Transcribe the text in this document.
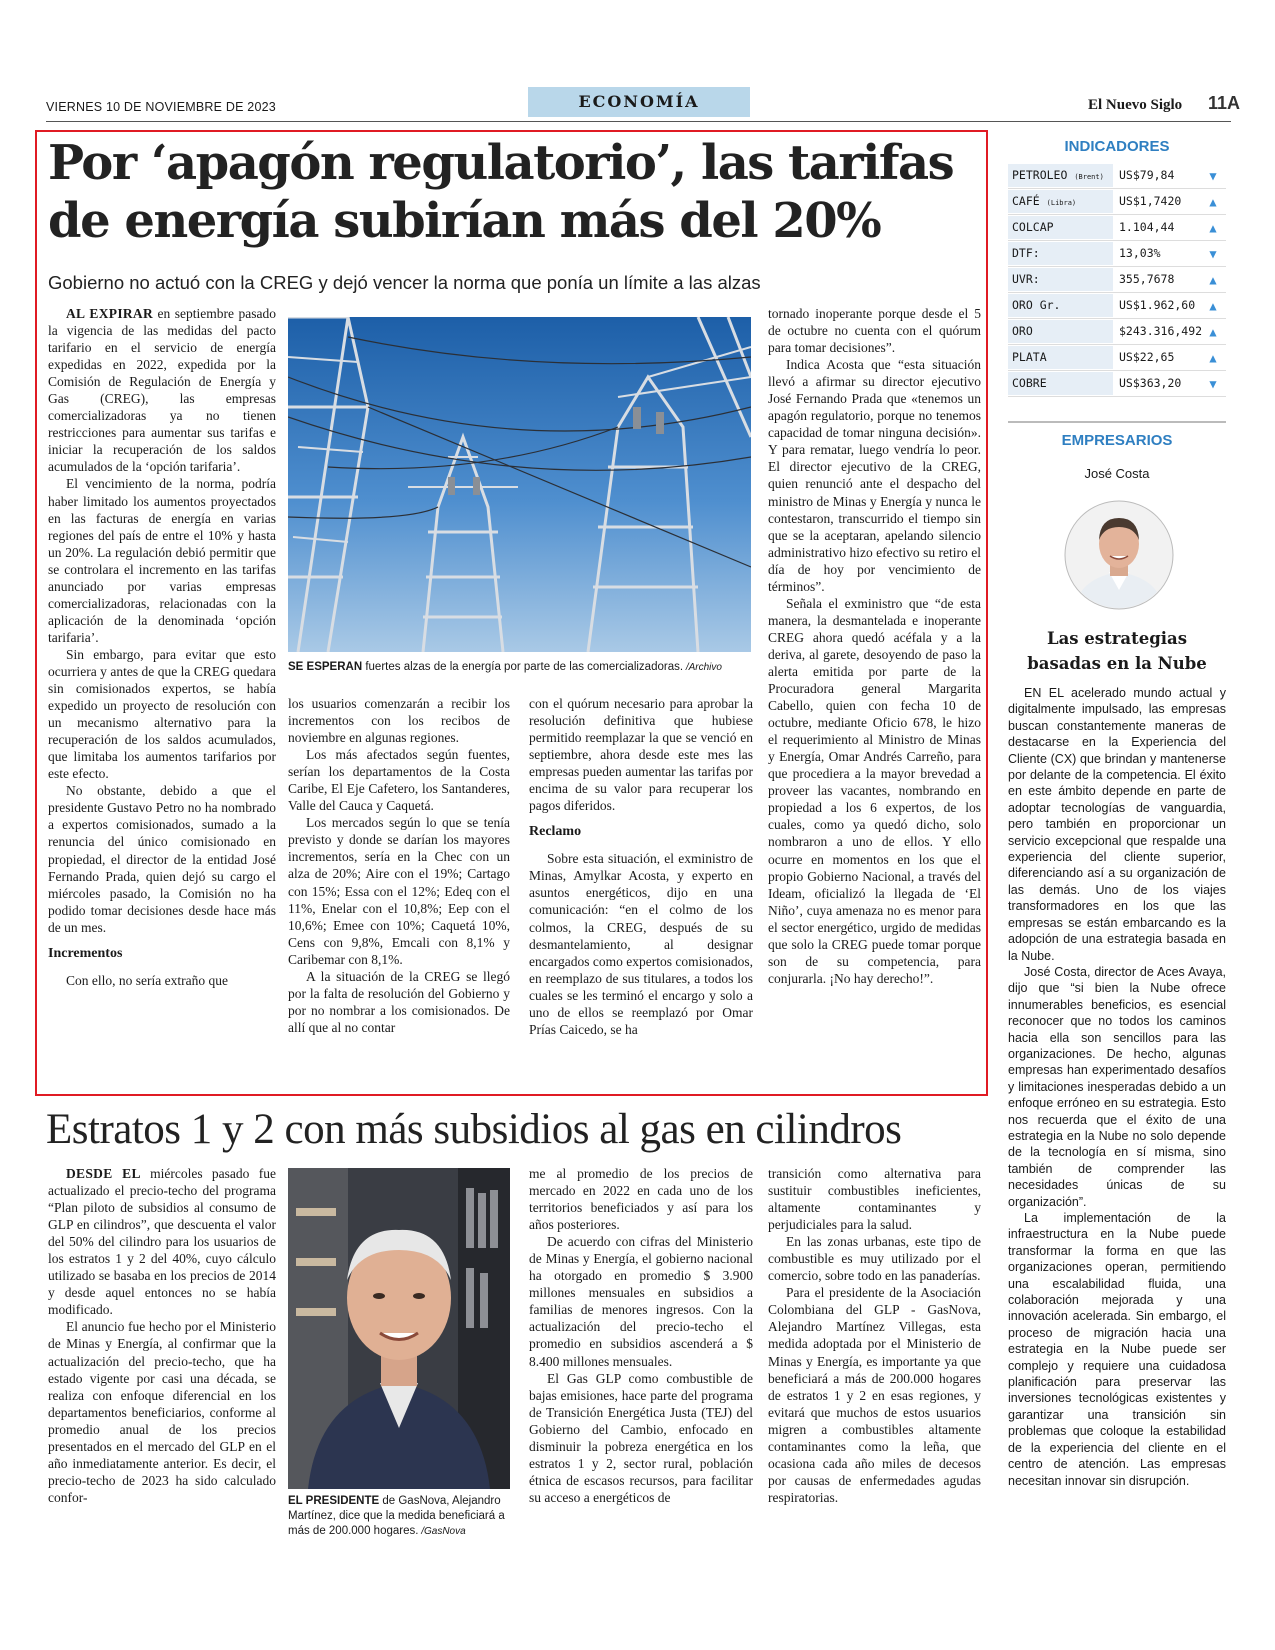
VIERNES 10 DE NOVIEMBRE DE 2023	ECONOMÍA	El Nuevo Siglo 11A
Por ‘apagón regulatorio’, las tarifas
de energía subirían más del 20%
Gobierno no actuó con la CREG y dejó vencer la norma que ponía un límite a las alzas

AL EXPIRAR en septiembre pasado la vigencia de las medidas del pacto tarifario en el servicio de energía expedidas en 2022, expedida por la Comisión de Regulación de Energía y Gas (CREG), las empresas comercializadoras ya no tienen restricciones para aumentar sus tarifas e iniciar la recuperación de los saldos acumulados de la ‘opción tarifaria’.

El vencimiento de la norma, podría haber limitado los aumentos proyectados en las facturas de energía en varias regiones del país de entre el 10% y hasta un 20%. La regulación debió permitir que se controlara el incremento en las tarifas anunciado por varias empresas comercializadoras, relacionadas con la aplicación de la denominada ‘opción tarifaria’.

Sin embargo, para evitar que esto ocurriera y antes de que la CREG quedara sin comisionados expertos, se había expedido un proyecto de resolución con un mecanismo alternativo para la recuperación de los saldos acumulados, que limitaba los aumentos tarifarios por este efecto.

No obstante, debido a que el presidente Gustavo Petro no ha nombrado a expertos comisionados, sumado a la renuncia del único comisionado en propiedad, el director de la entidad José Fernando Prada, quien dejó su cargo el miércoles pasado, la Comisión no ha podido tomar decisiones desde hace más de un mes.

Incrementos

Con ello, no sería extraño que

SE ESPERAN fuertes alzas de la energía por parte de las comercializadoras. /Archivo

los usuarios comenzarán a recibir los incrementos con los recibos de noviembre en algunas regiones.

Los más afectados según fuentes, serían los departamentos de la Costa Caribe, El Eje Cafetero, los Santanderes, Valle del Cauca y Caquetá.

Los mercados según lo que se tenía previsto y donde se darían los mayores incrementos, sería en la Chec con un alza de 20%; Aire con el 19%; Cartago con 15%; Essa con el 12%; Edeq con el 11%, Enelar con el 10,8%; Eep con el 10,6%; Emee con 10%; Caquetá 10%, Cens con 9,8%, Emcali con 8,1% y Caribemar con 8,1%.

A la situación de la CREG se llegó por la falta de resolución del Gobierno y por no nombrar a los comisionados. De allí que al no contar

con el quórum necesario para aprobar la resolución definitiva que hubiese permitido reemplazar la que se venció en septiembre, ahora desde este mes las empresas pueden aumentar las tarifas por encima de su valor para recuperar los pagos diferidos.

Reclamo

Sobre esta situación, el exministro de Minas, Amylkar Acosta, y experto en asuntos energéticos, dijo en una comunicación: “en el colmo de los colmos, la CREG, después de su desmantelamiento, al designar encargados como expertos comisionados, en reemplazo de sus titulares, a todos los cuales se les terminó el encargo y solo a uno de ellos se reemplazó por Omar Prías Caicedo, se ha

tornado inoperante porque desde el 5 de octubre no cuenta con el quórum para tomar decisiones”.

Indica Acosta que “esta situación llevó a afirmar su director ejecutivo José Fernando Prada que «tenemos un apagón regulatorio, porque no tenemos capacidad de tomar ninguna decisión». Y para rematar, luego vendría lo peor. El director ejecutivo de la CREG, quien renunció ante el despacho del ministro de Minas y Energía y nunca le contestaron, transcurrido el tiempo sin que se la aceptaran, apelando silencio administrativo hizo efectivo su retiro el día de hoy por vencimiento de términos”.

Señala el exministro que “de esta manera, la desmantelada e inoperante CREG ahora quedó acéfala y a la deriva, al garete, desoyendo de paso la alerta emitida por parte de la Procuradora general Margarita Cabello, quien con fecha 10 de octubre, mediante Oficio 678, le hizo el requerimiento al Ministro de Minas y Energía, Omar Andrés Carreño, para que procediera a la mayor brevedad a proveer las vacantes, nombrando en propiedad a los 6 expertos, de los cuales, como ya quedó dicho, solo nombraron a uno de ellos. Y ello ocurre en momentos en los que el propio Gobierno Nacional, a través del Ideam, oficializó la llegada de ‘El Niño’, cuya amenaza no es menor para el sector energético, urgido de medidas que solo la CREG puede tomar porque son de su competencia, para conjurarla. ¡No hay derecho!”.

Estratos 1 y 2 con más subsidios al gas en cilindros

DESDE EL miércoles pasado fue actualizado el precio-techo del programa “Plan piloto de subsidios al consumo de GLP en cilindros”, que descuenta el valor del 50% del cilindro para los usuarios de los estratos 1 y 2 del 40%, cuyo cálculo utilizado se basaba en los precios de 2014 y desde aquel entonces no se había modificado.

El anuncio fue hecho por el Ministerio de Minas y Energía, al confirmar que la actualización del precio-techo, que ha estado vigente por casi una década, se realiza con enfoque diferencial en los departamentos beneficiarios, conforme al promedio anual de los precios presentados en el mercado del GLP en el año inmediatamente anterior. Es decir, el precio-techo de 2023 ha sido calculado confor-	EL PRESIDENTE de GasNova, Alejandro Martínez, dice que la medida beneficiará a más de 200.000 hogares. /GasNova

me al promedio de los precios de mercado en 2022 en cada uno de los territorios beneficiados y así para los años posteriores.

De acuerdo con cifras del Ministerio de Minas y Energía, el gobierno nacional ha otorgado en promedio $ 3.900 millones mensuales en subsidios a familias de menores ingresos. Con la actualización del precio-techo el promedio en subsidios ascenderá a $ 8.400 millones mensuales.

El Gas GLP como combustible de bajas emisiones, hace parte del programa de Transición Energética Justa (TEJ) del Gobierno del Cambio, enfocado en disminuir la pobreza energética en los estratos 1 y 2, sector rural, población étnica de escasos recursos, para facilitar su acceso a energéticos de

transición como alternativa para sustituir combustibles ineficientes, altamente contaminantes y perjudiciales para la salud.

En las zonas urbanas, este tipo de combustible es muy utilizado por el comercio, sobre todo en las panaderías.

Para el presidente de la Asociación Colombiana del GLP - GasNova, Alejandro Martínez Villegas, esta medida adoptada por el Ministerio de Minas y Energía, es importante ya que beneficiará a más de 200.000 hogares de estratos 1 y 2 en esas regiones, y evitará que muchos de estos usuarios migren a combustibles altamente contaminantes como la leña, que ocasiona cada año miles de decesos por causas de enfermedades agudas respiratorias.

INDICADORES
PETROLEO (Brent)	US$79,84	▼
CAFÉ (Libra)	US$1,7420	▲
COLCAP	1.104,44	▲
DTF:	13,03%	▼
UVR:	355,7678	▲
ORO Gr.	US$1.962,60	▲
ORO	$243.316,492 ▲
PLATA	US$22,65	▲
COBRE	US$363,20	▼
EMPRESARIOS
José Costa
Las estrategias
basadas en la Nube

EN EL acelerado mundo actual y digitalmente impulsado, las empresas buscan constantemente maneras de destacarse en la Experiencia del Cliente (CX) que brindan y mantenerse por delante de la competencia. El éxito en este ámbito depende en parte de adoptar tecnologías de vanguardia, pero también en proporcionar un servicio excepcional que respalde una experiencia del cliente superior, diferenciando así a su organización de las demás. Uno de los viajes transformadores en los que las empresas se están embarcando es la adopción de una estrategia basada en la Nube.

José Costa, director de Aces Avaya, dijo que “si bien la Nube ofrece innumerables beneficios, es esencial reconocer que no todos los caminos hacia ella son sencillos para las organizaciones. De hecho, algunas empresas han experimentado desafíos y limitaciones inesperadas debido a un enfoque erróneo en su estrategia. Esto nos recuerda que el éxito de una estrategia en la Nube no solo depende de la tecnología en sí misma, sino también de comprender las necesidades únicas de su organización”.

La implementación de la infraestructura en la Nube puede transformar la forma en que las organizaciones operan, permitiendo una escalabilidad fluida, una colaboración mejorada y una innovación acelerada. Sin embargo, el proceso de migración hacia una estrategia en la Nube puede ser complejo y requiere una cuidadosa planificación para preservar las inversiones tecnológicas existentes y garantizar una transición sin problemas que coloque la estabilidad de la experiencia del cliente en el centro de atención. Las empresas necesitan innovar sin disrupción.
